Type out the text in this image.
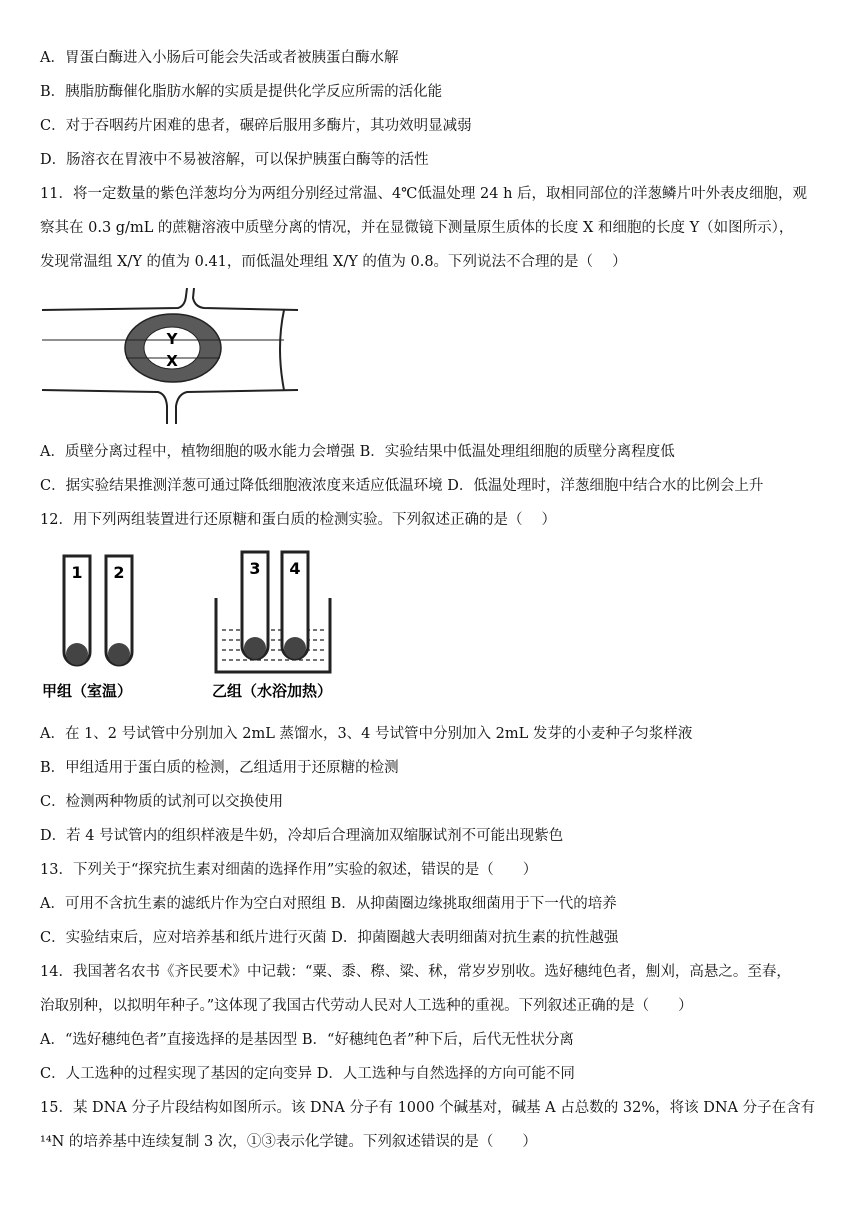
A．胃蛋白酶进入小肠后可能会失活或者被胰蛋白酶水解
B．胰脂肪酶催化脂肪水解的实质是提供化学反应所需的活化能
C．对于吞咽药片困难的患者，碾碎后服用多酶片，其功效明显减弱
D．肠溶衣在胃液中不易被溶解，可以保护胰蛋白酶等的活性
11．将一定数量的紫色洋葱均分为两组分别经过常温、4℃低温处理 24 h 后，取相同部位的洋葱鳞片叶外表皮细胞，观
察其在 0.3 g/mL 的蔗糖溶液中质壁分离的情况，并在显微镜下测量原生质体的长度 X 和细胞的长度 Y（如图所示），
发现常温组 X/Y 的值为 0.41，而低温处理组 X/Y 的值为 0.8。下列说法不合理的是（　 ）
Y
X
A．质壁分离过程中，植物细胞的吸水能力会增强 B．实验结果中低温处理组细胞的质壁分离程度低
C．据实验结果推测洋葱可通过降低细胞液浓度来适应低温环境 D．低温处理时，洋葱细胞中结合水的比例会上升
12．用下列两组装置进行还原糖和蛋白质的检测实验。下列叙述正确的是（　 ）
1 2	3 4
甲组（室温）	乙组（水浴加热）
A．在 1、2 号试管中分别加入 2mL 蒸馏水，3、4 号试管中分别加入 2mL 发芽的小麦种子匀浆样液
B．甲组适用于蛋白质的检测，乙组适用于还原糖的检测
C．检测两种物质的试剂可以交换使用
D．若 4 号试管内的组织样液是牛奶，冷却后合理滴加双缩脲试剂不可能出现紫色
13．下列关于“探究抗生素对细菌的选择作用”实验的叙述，错误的是（　　）
A．可用不含抗生素的滤纸片作为空白对照组 B．从抑菌圈边缘挑取细菌用于下一代的培养
C．实验结束后，应对培养基和纸片进行灭菌 D．抑菌圈越大表明细菌对抗生素的抗性越强
14．我国著名农书《齐民要术》中记载：“粟、黍、穄、粱、秫，常岁岁别收。选好穗纯色者，劁刈，高悬之。至春，
治取别种，以拟明年种子。”这体现了我国古代劳动人民对人工选种的重视。下列叙述正确的是（　　）
A．“选好穗纯色者”直接选择的是基因型 B．“好穗纯色者”种下后，后代无性状分离
C．人工选种的过程实现了基因的定向变异 D．人工选种与自然选择的方向可能不同
15．某 DNA 分子片段结构如图所示。该 DNA 分子有 1000 个碱基对，碱基 A 占总数的 32%，将该 DNA 分子在含有
¹⁴N 的培养基中连续复制 3 次，①③表示化学键。下列叙述错误的是（　　）
